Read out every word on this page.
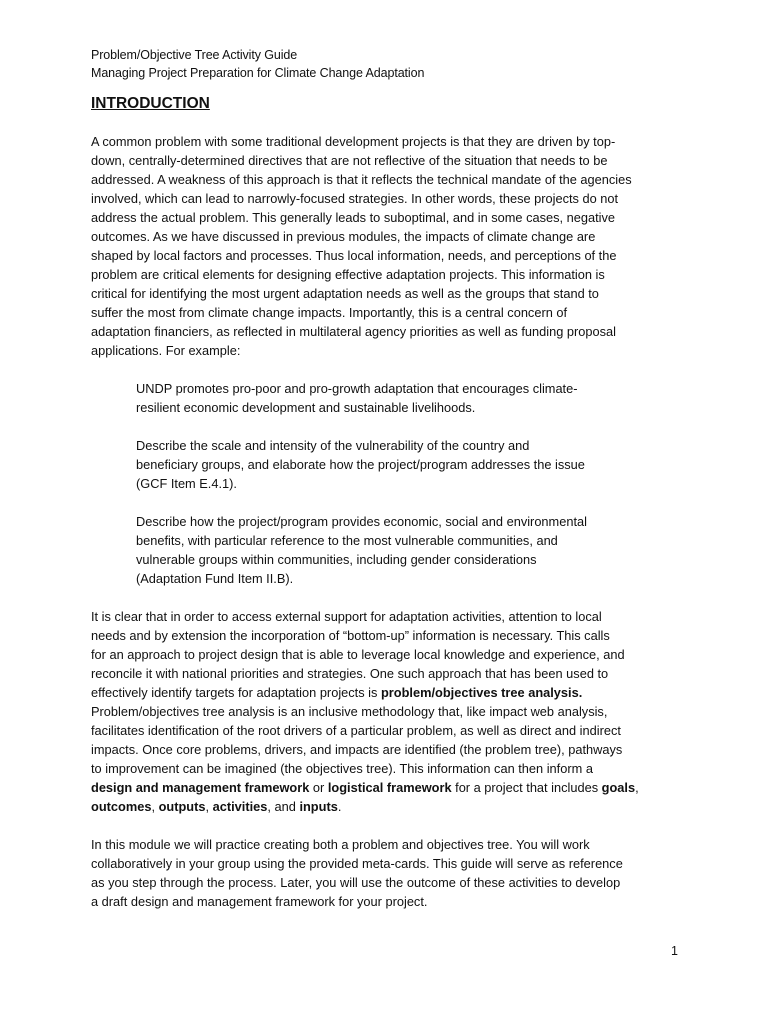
Problem/Objective Tree Activity Guide
Managing Project Preparation for Climate Change Adaptation
INTRODUCTION

A common problem with some traditional development projects is that they are driven by top-
down, centrally-determined directives that are not reflective of the situation that needs to be
addressed. A weakness of this approach is that it reflects the technical mandate of the agencies
involved, which can lead to narrowly-focused strategies. In other words, these projects do not
address the actual problem. This generally leads to suboptimal, and in some cases, negative
outcomes. As we have discussed in previous modules, the impacts of climate change are
shaped by local factors and processes. Thus local information, needs, and perceptions of the
problem are critical elements for designing effective adaptation projects. This information is
critical for identifying the most urgent adaptation needs as well as the groups that stand to
suffer the most from climate change impacts. Importantly, this is a central concern of
adaptation financiers, as reflected in multilateral agency priorities as well as funding proposal
applications. For example:

UNDP promotes pro-poor and pro-growth adaptation that encourages climate-
resilient economic development and sustainable livelihoods.
Describe the scale and intensity of the vulnerability of the country and
beneficiary groups, and elaborate how the project/program addresses the issue
(GCF Item E.4.1).
Describe how the project/program provides economic, social and environmental
benefits, with particular reference to the most vulnerable communities, and
vulnerable groups within communities, including gender considerations
(Adaptation Fund Item II.B).

It is clear that in order to access external support for adaptation activities, attention to local
needs and by extension the incorporation of “bottom-up” information is necessary. This calls
for an approach to project design that is able to leverage local knowledge and experience, and
reconcile it with national priorities and strategies. One such approach that has been used to
effectively identify targets for adaptation projects is problem/objectives tree analysis.
Problem/objectives tree analysis is an inclusive methodology that, like impact web analysis,
facilitates identification of the root drivers of a particular problem, as well as direct and indirect
impacts. Once core problems, drivers, and impacts are identified (the problem tree), pathways
to improvement can be imagined (the objectives tree). This information can then inform a
design and management framework or logistical framework for a project that includes goals,
outcomes, outputs, activities, and inputs.

In this module we will practice creating both a problem and objectives tree. You will work
collaboratively in your group using the provided meta-cards. This guide will serve as reference
as you step through the process. Later, you will use the outcome of these activities to develop
a draft design and management framework for your project.

1
